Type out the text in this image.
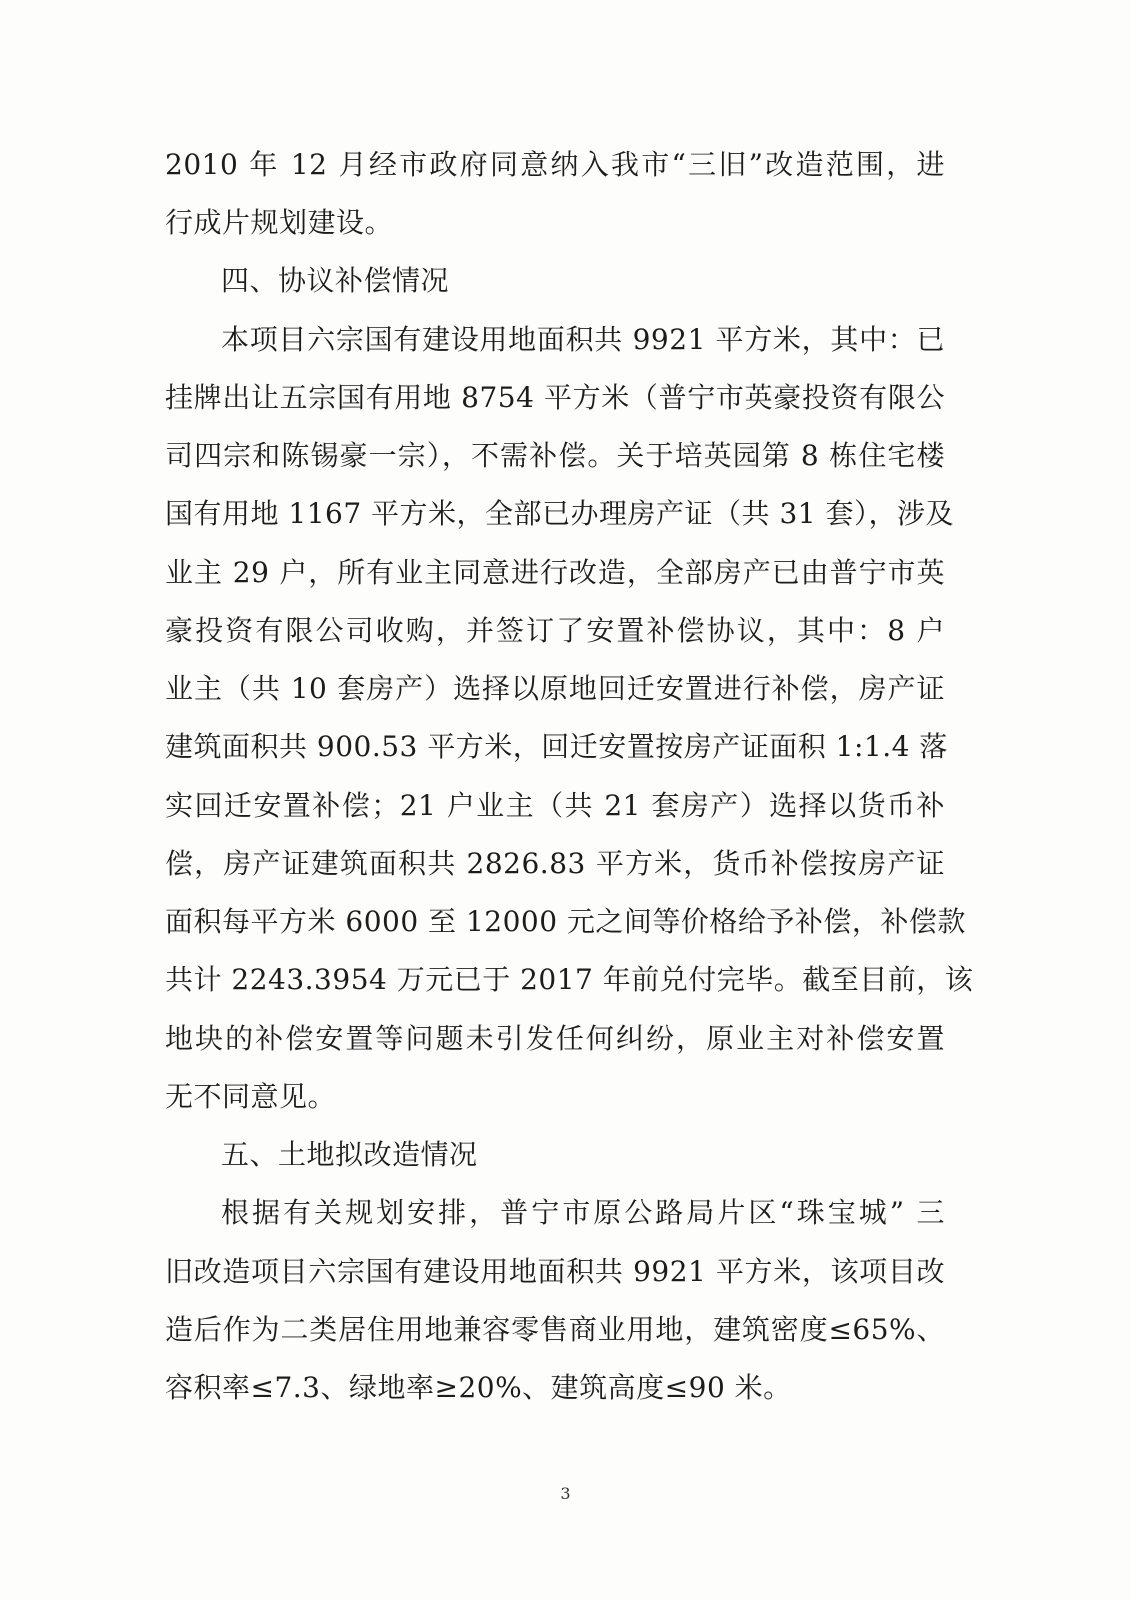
2010 年 12 月经市政府同意纳入我市“三旧”改造范围，进
行成片规划建设。
四、协议补偿情况
本项目六宗国有建设用地面积共 9921 平方米，其中：已
挂牌出让五宗国有用地 8754 平方米（普宁市英豪投资有限公
司四宗和陈锡豪一宗），不需补偿。关于培英园第 8 栋住宅楼
国有用地 1167 平方米，全部已办理房产证（共 31 套），涉及
业主 29 户，所有业主同意进行改造，全部房产已由普宁市英
豪投资有限公司收购，并签订了安置补偿协议，其中：8 户
业主（共 10 套房产）选择以原地回迁安置进行补偿，房产证
建筑面积共 900.53 平方米，回迁安置按房产证面积 1:1.4 落
实回迁安置补偿；21 户业主（共 21 套房产）选择以货币补
偿，房产证建筑面积共 2826.83 平方米，货币补偿按房产证
面积每平方米 6000 至 12000 元之间等价格给予补偿，补偿款
共计 2243.3954 万元已于 2017 年前兑付完毕。截至目前，该
地块的补偿安置等问题未引发任何纠纷，原业主对补偿安置
无不同意见。
五、土地拟改造情况
根据有关规划安排，普宁市原公路局片区“珠宝城” 三
旧改造项目六宗国有建设用地面积共 9921 平方米，该项目改
造后作为二类居住用地兼容零售商业用地，建筑密度≤65%、
容积率≤7.3、绿地率≥20%、建筑高度≤90 米。
3
